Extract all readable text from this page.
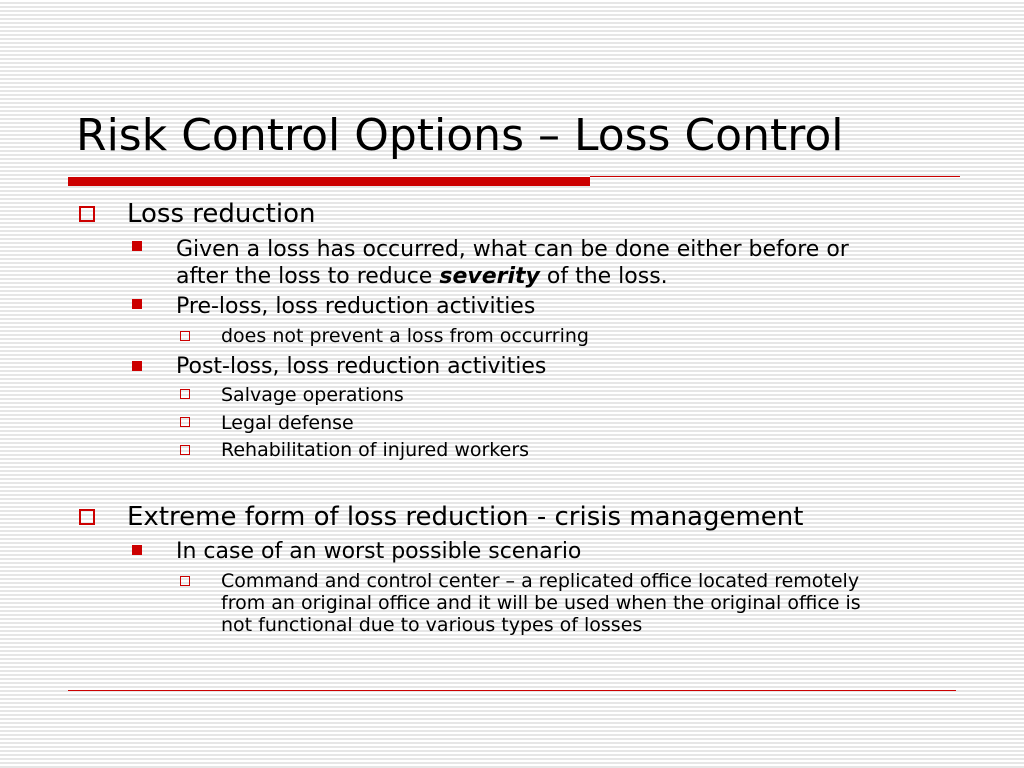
Risk Control Options – Loss Control
Loss reduction
Given a loss has occurred, what can be done either before or
after the loss to reduce severity of the loss.
Pre-loss, loss reduction activities
does not prevent a loss from occurring
Post-loss, loss reduction activities
Salvage operations
Legal defense
Rehabilitation of injured workers
Extreme form of loss reduction - crisis management
In case of an worst possible scenario
Command and control center – a replicated office located remotely
from an original office and it will be used when the original office is
not functional due to various types of losses
